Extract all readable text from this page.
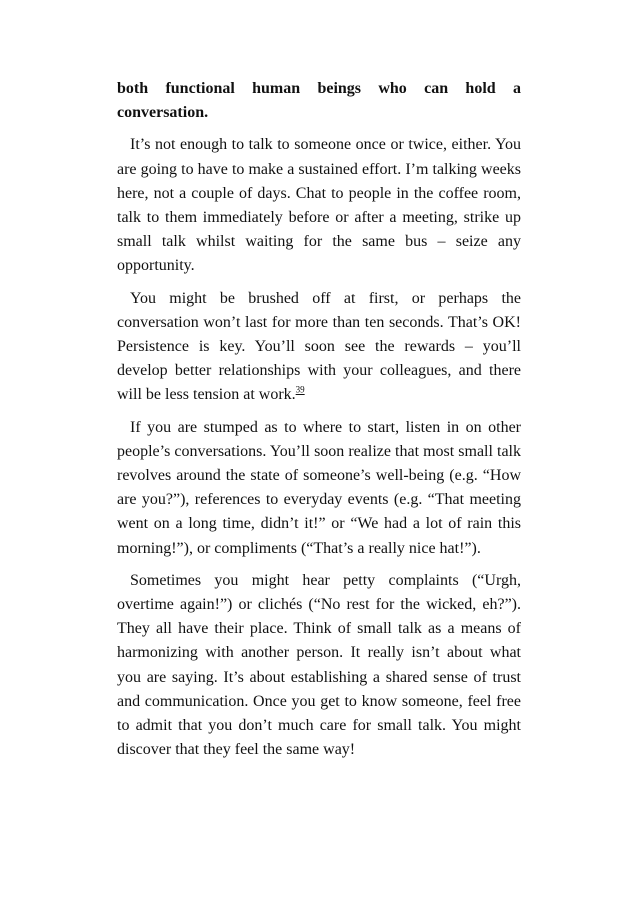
both functional human beings who can hold a conversation.

It’s not enough to talk to someone once or twice, either. You are going to have to make a sustained effort. I’m talking weeks here, not a couple of days. Chat to people in the coffee room, talk to them immediately before or after a meeting, strike up small talk whilst waiting for the same bus – seize any opportunity.

You might be brushed off at first, or perhaps the conversation won’t last for more than ten seconds. That’s OK! Persistence is key. You’ll soon see the rewards – you’ll develop better relationships with your colleagues, and there will be less tension at work.$^{39}$

If you are stumped as to where to start, listen in on other people’s conversations. You’ll soon realize that most small talk revolves around the state of someone’s well-being (e.g. “How are you?”), references to everyday events (e.g. “That meeting went on a long time, didn’t it!” or “We had a lot of rain this morning!”), or compliments (“That’s a really nice hat!”).

Sometimes you might hear petty complaints (“Urgh, overtime again!”) or clichés (“No rest for the wicked, eh?”). They all have their place. Think of small talk as a means of harmonizing with another person. It really isn’t about what you are saying. It’s about establishing a shared sense of trust and communication. Once you get to know someone, feel free to admit that you don’t much care for small talk. You might discover that they feel the same way!
